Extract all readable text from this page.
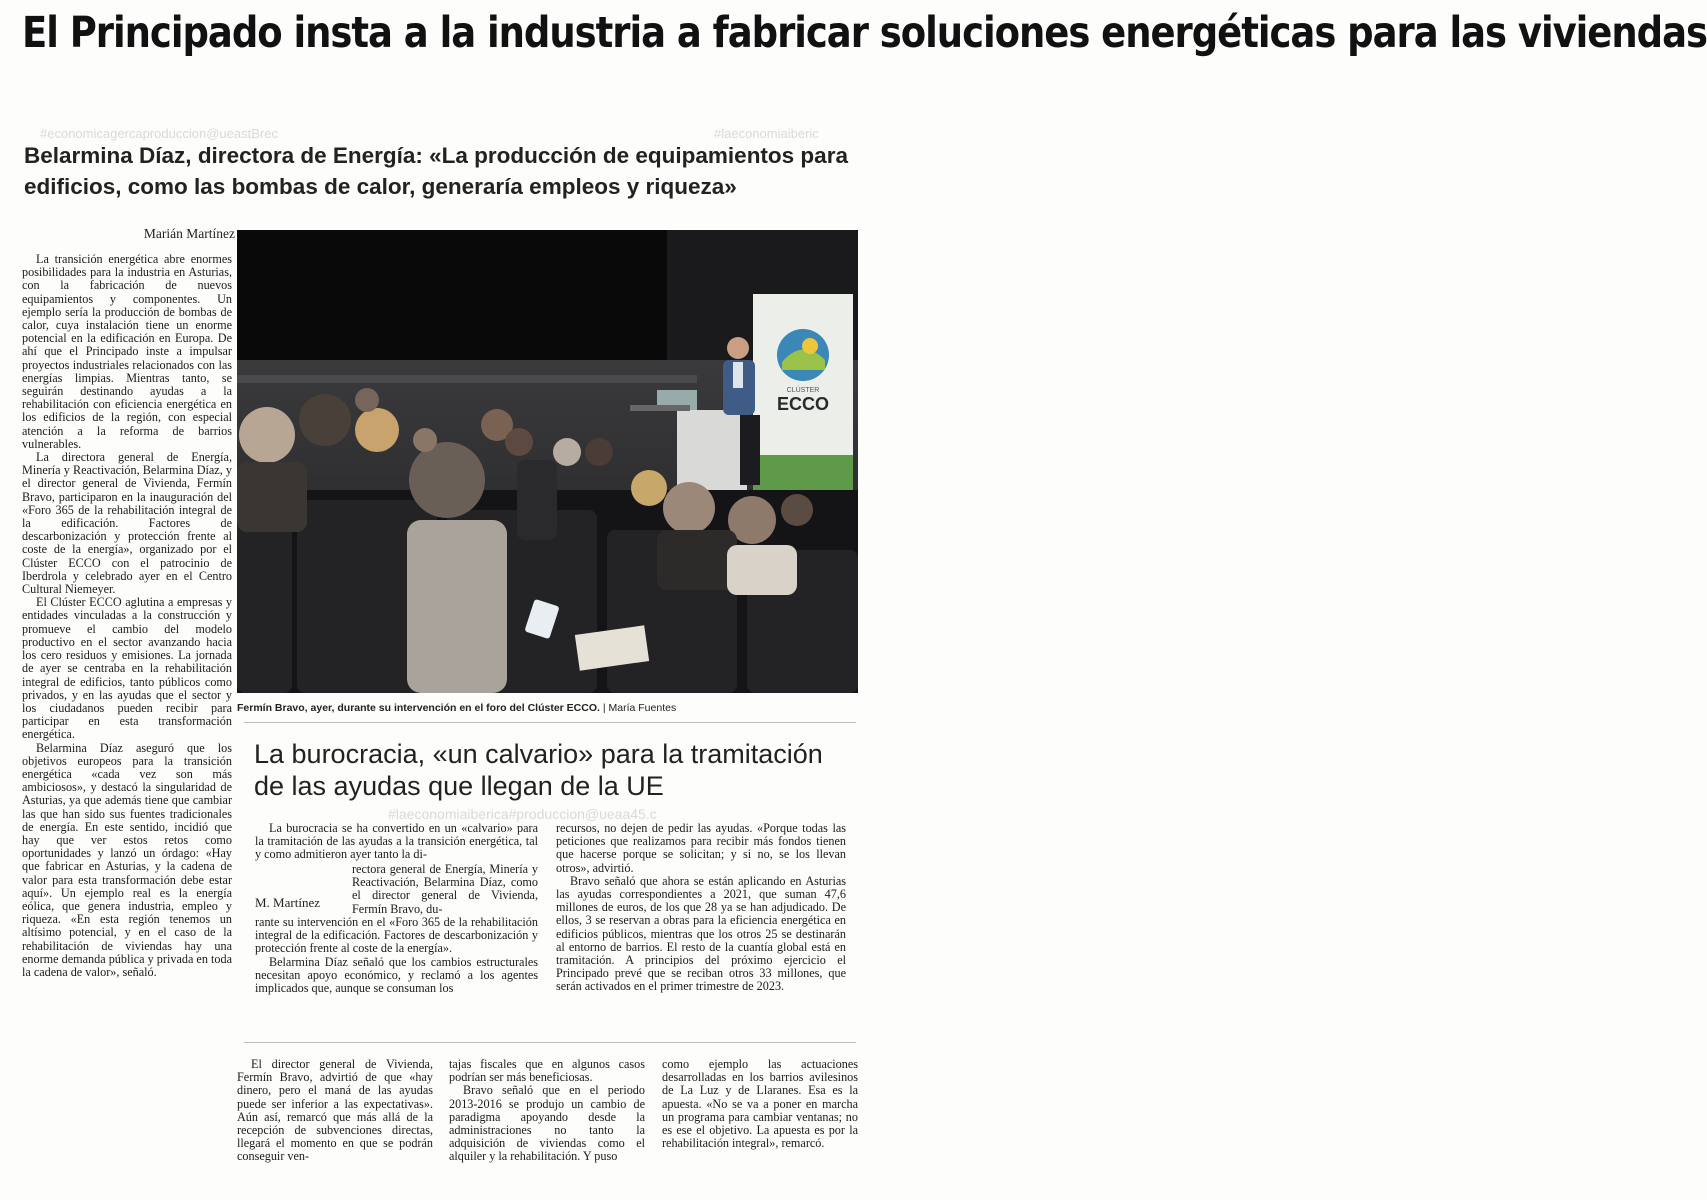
El Principado insta a la industria a fabricar soluciones energéticas para las viviendas
#economicagercaproduccion@ueastBrec	#laeconomiaiberic
Belarmina Díaz, directora de Energía: «La producción de equipamientos para edificios, como las bombas de calor, generaría empleos y riqueza»
Marián Martínez

La transición energética abre enormes posibilidades para la industria en Asturias, con la fabricación de nuevos equipamientos y componentes. Un ejemplo sería la producción de bombas de calor, cuya instalación tiene un enorme potencial en la edificación en Europa. De ahí que el Principado inste a impulsar proyectos industriales relacionados con las energías limpias. Mientras tanto, se seguirán destinando ayudas a la rehabilitación con eficiencia energética en los edificios de la región, con especial atención a la reforma de barrios vulnerables.

La directora general de Energía, Minería y Reactivación, Belarmina Díaz, y el director general de Vivienda, Fermín Bravo, participaron en la inauguración del «Foro 365 de la rehabilitación integral de la edificación. Factores de descarbonización y protección frente al coste de la energía», organizado por el Clúster ECCO con el patrocinio de Iberdrola y celebrado ayer en el Centro Cultural Niemeyer.

El Clúster ECCO aglutina a empresas y entidades vinculadas a la construcción y promueve el cambio del modelo productivo en el sector avanzando hacia los cero residuos y emisiones. La jornada de ayer se centraba en la rehabilitación integral de edificios, tanto públicos como privados, y en las ayudas que el sector y los ciudadanos pueden recibir para participar en esta transformación energética.

Belarmina Díaz aseguró que los objetivos europeos para la transición energética «cada vez son más ambiciosos», y destacó la singularidad de Asturias, ya que además tiene que cambiar las que han sido sus fuentes tradicionales de energía. En este sentido, incidió que hay que ver estos retos como oportunidades y lanzó un órdago: «Hay que fabricar en Asturias, y la cadena de valor para esta transformación debe estar aquí». Un ejemplo real es la energía eólica, que genera industria, empleo y riqueza. «En esta región tenemos un altísimo potencial, y en el caso de la rehabilitación de viviendas hay una enorme demanda pública y privada en toda la cadena de valor», señaló.

CLÚSTER
ECCO
Fermín Bravo, ayer, durante su intervención en el foro del Clúster ECCO. | María Fuentes
La burocracia, «un calvario» para la tramitación de las ayudas que llegan de la UE
#laeconomiaiberica#produccion@ueaa45.c

La burocracia se ha convertido en un «calvario» para la tramitación de las ayudas a la transición energética, tal y como admitieron ayer tanto la di-

M. Martínez

rectora general de Energía, Minería y Reactivación, Belarmina Díaz, como el director general de Vivienda, Fermín Bravo, du-

rante su intervención en el «Foro 365 de la rehabilitación integral de la edificación. Factores de descarbonización y protección frente al coste de la energía».

Belarmina Díaz señaló que los cambios estructurales necesitan apoyo económico, y reclamó a los agentes implicados que, aunque se consuman los

recursos, no dejen de pedir las ayudas. «Porque todas las peticiones que realizamos para recibir más fondos tienen que hacerse porque se solicitan; y si no, se los llevan otros», advirtió.

Bravo señaló que ahora se están aplicando en Asturias las ayudas correspondientes a 2021, que suman 47,6 millones de euros, de los que 28 ya se han adjudicado. De ellos, 3 se reservan a obras para la eficiencia energética en edificios públicos, mientras que los otros 25 se destinarán al entorno de barrios. El resto de la cuantía global está en tramitación. A principios del próximo ejercicio el Principado prevé que se reciban otros 33 millones, que serán activados en el primer trimestre de 2023.

El director general de Vivienda, Fermín Bravo, advirtió de que «hay dinero, pero el maná de las ayudas puede ser inferior a las expectativas». Aún así, remarcó que más allá de la recepción de subvenciones directas, llegará el momento en que se podrán conseguir ven-

tajas fiscales que en algunos casos podrían ser más beneficiosas.

Bravo señaló que en el periodo 2013-2016 se produjo un cambio de paradigma apoyando desde la administraciones no tanto la adquisición de viviendas como el alquiler y la rehabilitación. Y puso

como ejemplo las actuaciones desarrolladas en los barrios avilesinos de La Luz y de Llaranes. Esa es la apuesta. «No se va a poner en marcha un programa para cambiar ventanas; no es ese el objetivo. La apuesta es por la rehabilitación integral», remarcó.
